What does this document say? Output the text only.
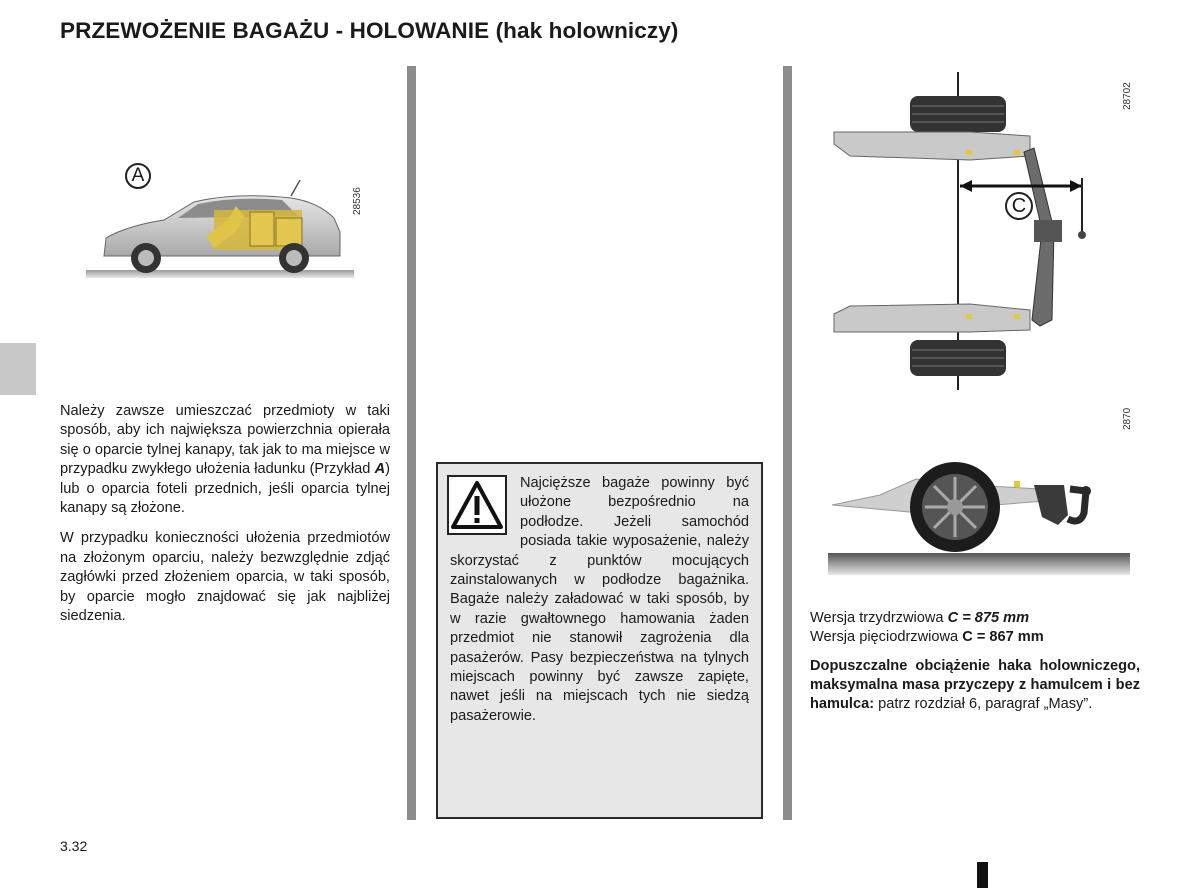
PRZEWOŻENIE BAGAŻU - HOLOWANIE (hak holowniczy)
A
28536

Należy zawsze umieszczać przedmioty w taki sposób, aby ich największa powierzchnia opierała się o oparcie tylnej kanapy, tak jak to ma miejsce w przypadku zwykłego ułożenia ładunku (Przykład A) lub o oparcia foteli przednich, jeśli oparcia tylnej kanapy są złożone.

W przypadku konieczności ułożenia przedmiotów na złożonym oparciu, należy bezwzględnie zdjąć zagłówki przed złożeniem oparcia, w taki sposób, by oparcie mogło znajdować się jak najbliżej siedzenia.

Najcięższe bagaże powinny być ułożone bezpośrednio na podłodze. Jeżeli samochód posiada takie wyposażenie, należy skorzystać z punktów mocujących zainstalowanych w podłodze bagażnika. Bagaże należy załadować w taki sposób, by w razie gwałtownego hamowania żaden przedmiot nie stanowił zagrożenia dla pasażerów. Pasy bezpieczeństwa na tylnych miejscach powinny być zawsze zapięte, nawet jeśli na miejscach tych nie siedzą pasażerowie.
C
28702
2870
Wersja trzydrzwiowa C = 875 mm
Wersja pięciodrzwiowa C = 867 mm

Dopuszczalne obciążenie haka holowniczego, maksymalna masa przyczepy z hamulcem i bez hamulca: patrz rozdział 6, paragraf „Masy”.

3.32
